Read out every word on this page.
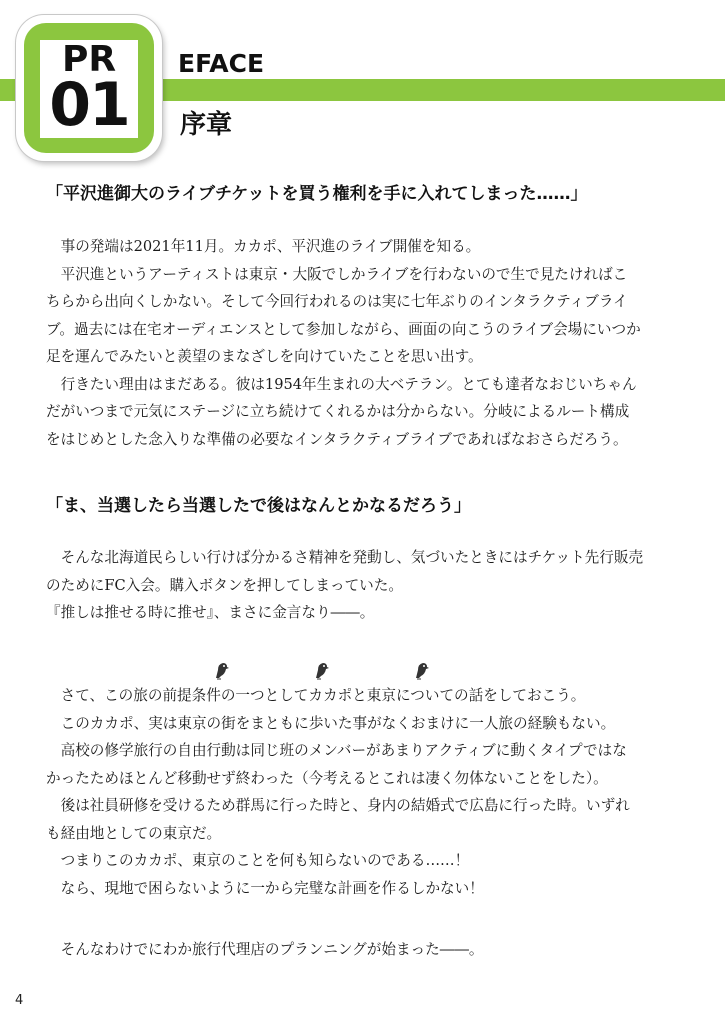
PR
01
EFACE
序章
「平沢進御大のライブチケットを買う権利を手に入れてしまった……」

　事の発端は2021年11月。カカポ、平沢進のライブ開催を知る。

　平沢進というアーティストは東京・大阪でしかライブを行わないので生で見たければこ

ちらから出向くしかない。そして今回行われるのは実に七年ぶりのインタラクティブライ

ブ。過去には在宅オーディエンスとして参加しながら、画面の向こうのライブ会場にいつか

足を運んでみたいと羨望のまなざしを向けていたことを思い出す。

　行きたい理由はまだある。彼は1954年生まれの大ベテラン。とても達者なおじいちゃん

だがいつまで元気にステージに立ち続けてくれるかは分からない。分岐によるルート構成

をはじめとした念入りな準備の必要なインタラクティブライブであればなおさらだろう。

「ま、当選したら当選したで後はなんとかなるだろう」

　そんな北海道民らしい行けば分かるさ精神を発動し、気づいたときにはチケット先行販売

のためにFC入会。購入ボタンを押してしまっていた。

『推しは推せる時に推せ』、まさに金言なり――。

　さて、この旅の前提条件の一つとしてカカポと東京についての話をしておこう。

　このカカポ、実は東京の街をまともに歩いた事がなくおまけに一人旅の経験もない。

　高校の修学旅行の自由行動は同じ班のメンバーがあまりアクティブに動くタイプではな

かったためほとんど移動せず終わった（今考えるとこれは凄く勿体ないことをした）。

　後は社員研修を受けるため群馬に行った時と、身内の結婚式で広島に行った時。いずれ

も経由地としての東京だ。

　つまりこのカカポ、東京のことを何も知らないのである……！

　なら、現地で困らないように一から完璧な計画を作るしかない！

　そんなわけでにわか旅行代理店のプランニングが始まった――。

4
